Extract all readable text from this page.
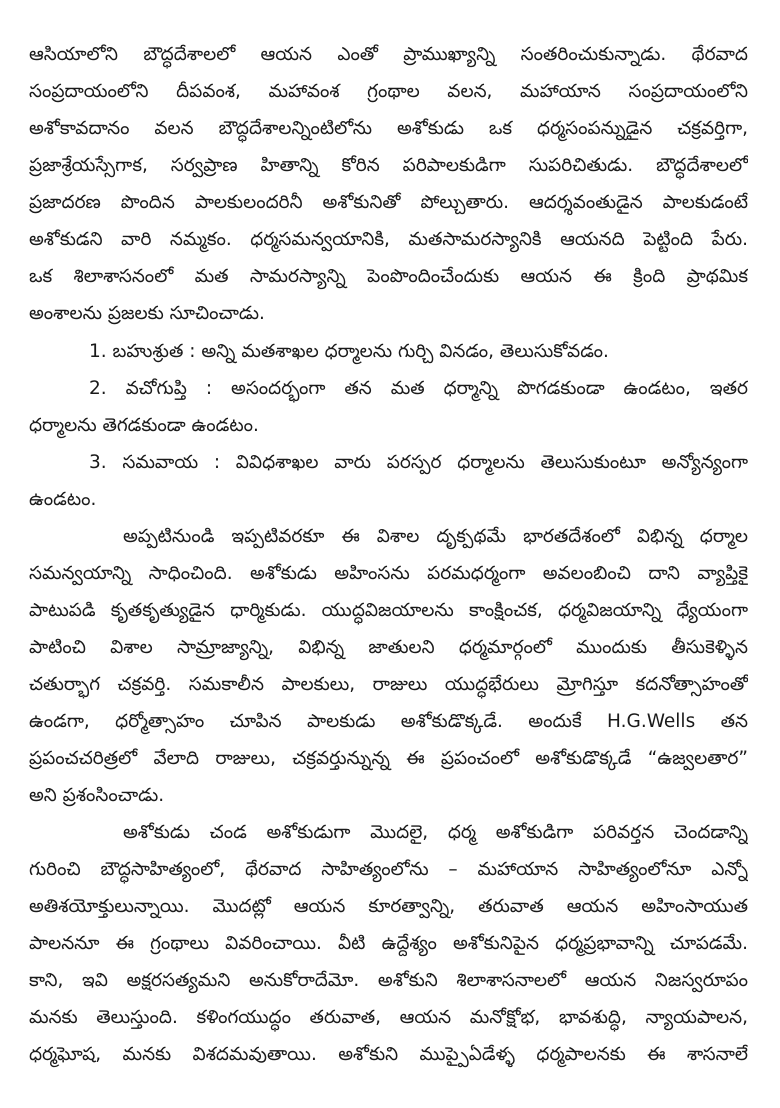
ఆసియాలోని బౌద్ధదేశాలలో ఆయన ఎంతో ప్రాముఖ్యాన్ని సంతరించుకున్నాడు. థేరవాద

సంప్రదాయంలోని దీపవంశ, మహావంశ గ్రంథాల వలన, మహాయాన సంప్రదాయంలోని

అశోకావదానం వలన బౌద్ధదేశాలన్నింటిలోను అశోకుడు ఒక ధర్మసంపన్నుడైన చక్రవర్తిగా,

ప్రజాశ్రేయస్సేగాక, సర్వప్రాణ హితాన్ని కోరిన పరిపాలకుడిగా సుపరిచితుడు. బౌద్ధదేశాలలో

ప్రజాదరణ పొందిన పాలకులందరినీ అశోకునితో పోల్చుతారు. ఆదర్శవంతుడైన పాలకుడంటే

అశోకుడని వారి నమ్మకం. ధర్మసమన్వయానికి, మతసామరస్యానికి ఆయనది పెట్టింది పేరు.

ఒక శిలాశాసనంలో మత సామరస్యాన్ని పెంపొందించేందుకు ఆయన ఈ క్రింది ప్రాథమిక

అంశాలను ప్రజలకు సూచించాడు.

1. బహుశ్రుత : అన్ని మతశాఖల ధర్మాలను గుర్చి వినడం, తెలుసుకోవడం.

2. వచోగుప్తి : అసందర్భంగా తన మత ధర్మాన్ని పొగడకుండా ఉండటం, ఇతర

ధర్మాలను తెగడకుండా ఉండటం.

3. సమవాయ : వివిధశాఖల వారు పరస్పర ధర్మాలను తెలుసుకుంటూ అన్యోన్యంగా

ఉండటం.

అప్పటినుండి ఇప్పటివరకూ ఈ విశాల దృక్పథమే భారతదేశంలో విభిన్న ధర్మాల

సమన్వయాన్ని సాధించింది. అశోకుడు అహింసను పరమధర్మంగా అవలంబించి దాని వ్యాప్తికై

పాటుపడి కృతకృత్యుడైన ధార్మికుడు. యుద్ధవిజయాలను కాంక్షించక, ధర్మవిజయాన్ని ధ్యేయంగా

పాటించి విశాల సామ్రాజ్యాన్ని, విభిన్న జాతులని ధర్మమార్గంలో ముందుకు తీసుకెళ్ళిన

చతుర్భాగ చక్రవర్తి. సమకాలీన పాలకులు, రాజులు యుద్ధభేరులు మ్రోగిస్తూ కదనోత్సాహంతో

ఉండగా, ధర్మోత్సాహం చూపిన పాలకుడు అశోకుడొక్కడే. అందుకే H.G.Wells తన

ప్రపంచచరిత్రలో వేలాది రాజులు, చక్రవర్తున్నున్న ఈ ప్రపంచంలో అశోకుడొక్కడే “ఉజ్వలతార”

అని ప్రశంసించాడు.

అశోకుడు చండ అశోకుడుగా మొదలై, ధర్మ అశోకుడిగా పరివర్తన చెందడాన్ని

గురించి బౌద్ధసాహిత్యంలో, థేరవాద సాహిత్యంలోను – మహాయాన సాహిత్యంలోనూ ఎన్నో

అతిశయోక్తులున్నాయి. మొదట్లో ఆయన కూరత్వాన్ని, తరువాత ఆయన అహింసాయుత

పాలననూ ఈ గ్రంథాలు వివరించాయి. వీటి ఉద్దేశ్యం అశోకునిపైన ధర్మప్రభావాన్ని చూపడమే.

కాని, ఇవి అక్షరసత్యమని అనుకోరాదేమో. అశోకుని శిలాశాసనాలలో ఆయన నిజస్వరూపం

మనకు తెలుస్తుంది. కళింగయుద్ధం తరువాత, ఆయన మనోక్షోభ, భావశుద్ధి, న్యాయపాలన,

ధర్మఘోష, మనకు విశదమవుతాయి. అశోకుని ముప్పైఏడేళ్ళ ధర్మపాలనకు ఈ శాసనాలే
